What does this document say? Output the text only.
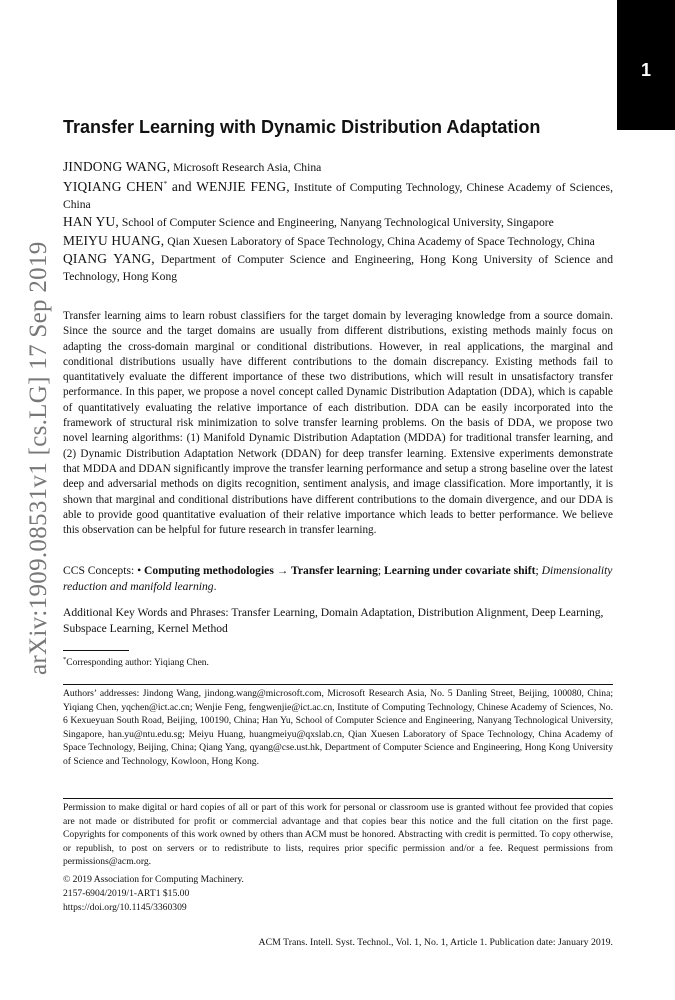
1
arXiv:1909.08531v1 [cs.LG] 17 Sep 2019
Transfer Learning with Dynamic Distribution Adaptation
JINDONG WANG, Microsoft Research Asia, China
YIQIANG CHEN* and WENJIE FENG, Institute of Computing Technology, Chinese Academy of Sciences, China
HAN YU, School of Computer Science and Engineering, Nanyang Technological University, Singapore
MEIYU HUANG, Qian Xuesen Laboratory of Space Technology, China Academy of Space Technology, China
QIANG YANG, Department of Computer Science and Engineering, Hong Kong University of Science and Technology, Hong Kong

Transfer learning aims to learn robust classifiers for the target domain by leveraging knowledge from a source domain. Since the source and the target domains are usually from different distributions, existing methods mainly focus on adapting the cross-domain marginal or conditional distributions. However, in real applications, the marginal and conditional distributions usually have different contributions to the domain discrepancy. Existing methods fail to quantitatively evaluate the different importance of these two distributions, which will result in unsatisfactory transfer performance. In this paper, we propose a novel concept called Dynamic Distribution Adaptation (DDA), which is capable of quantitatively evaluating the relative importance of each distribution. DDA can be easily incorporated into the framework of structural risk minimization to solve transfer learning problems. On the basis of DDA, we propose two novel learning algorithms: (1) Manifold Dynamic Distribution Adaptation (MDDA) for traditional transfer learning, and (2) Dynamic Distribution Adaptation Network (DDAN) for deep transfer learning. Extensive experiments demonstrate that MDDA and DDAN significantly improve the transfer learning performance and setup a strong baseline over the latest deep and adversarial methods on digits recognition, sentiment analysis, and image classification. More importantly, it is shown that marginal and conditional distributions have different contributions to the domain divergence, and our DDA is able to provide good quantitative evaluation of their relative importance which leads to better performance. We believe this observation can be helpful for future research in transfer learning.

CCS Concepts: • Computing methodologies → Transfer learning; Learning under covariate shift; Dimensionality reduction and manifold learning.
Additional Key Words and Phrases: Transfer Learning, Domain Adaptation, Distribution Alignment, Deep Learning, Subspace Learning, Kernel Method
*Corresponding author: Yiqiang Chen.

Authors’ addresses: Jindong Wang, jindong.wang@microsoft.com, Microsoft Research Asia, No. 5 Danling Street, Beijing, 100080, China; Yiqiang Chen, yqchen@ict.ac.cn; Wenjie Feng, fengwenjie@ict.ac.cn, Institute of Computing Technology, Chinese Academy of Sciences, No. 6 Kexueyuan South Road, Beijing, 100190, China; Han Yu, School of Computer Science and Engineering, Nanyang Technological University, Singapore, han.yu@ntu.edu.sg; Meiyu Huang, huangmeiyu@qxslab.cn, Qian Xuesen Laboratory of Space Technology, China Academy of Space Technology, Beijing, China; Qiang Yang, qyang@cse.ust.hk, Department of Computer Science and Engineering, Hong Kong University of Science and Technology, Kowloon, Hong Kong.

Permission to make digital or hard copies of all or part of this work for personal or classroom use is granted without fee provided that copies are not made or distributed for profit or commercial advantage and that copies bear this notice and the full citation on the first page. Copyrights for components of this work owned by others than ACM must be honored. Abstracting with credit is permitted. To copy otherwise, or republish, to post on servers or to redistribute to lists, requires prior specific permission and/or a fee. Request permissions from permissions@acm.org.

© 2019 Association for Computing Machinery.
2157-6904/2019/1-ART1 $15.00
https://doi.org/10.1145/3360309
ACM Trans. Intell. Syst. Technol., Vol. 1, No. 1, Article 1. Publication date: January 2019.
